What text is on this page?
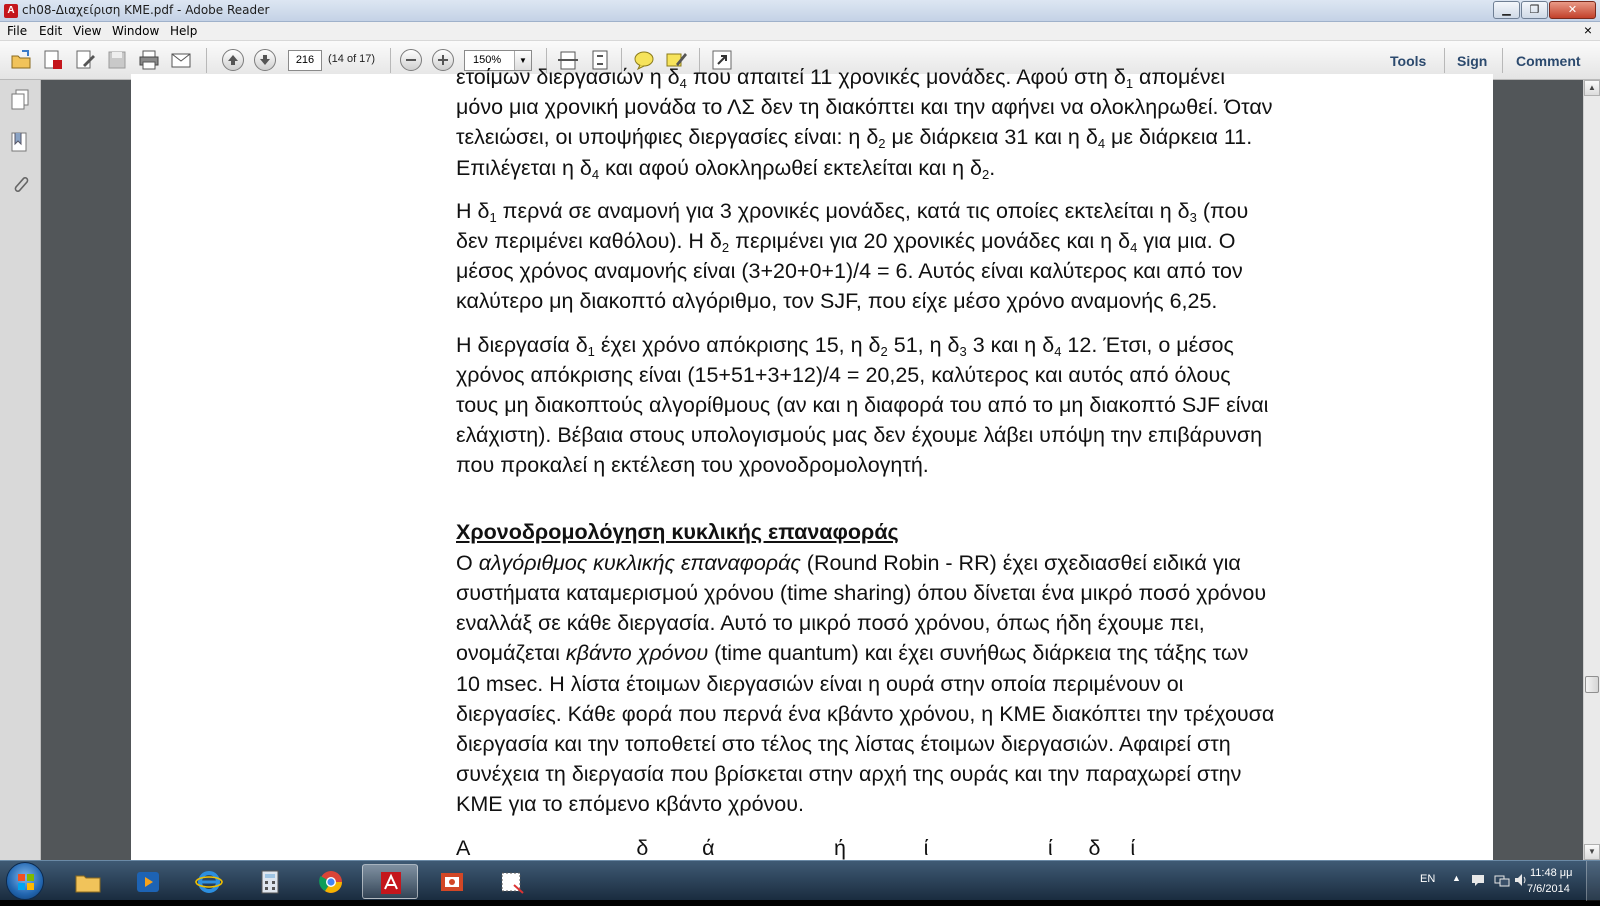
A ch08-Διαχείριση ΚΜΕ.pdf - Adobe Reader	▁	❐	✕
File Edit View Window Help	×
216	(14 of 17)	150%	▼	Tools Sign Comment

ετοίμων διεργασιών η $\delta_4$ που απαιτεί 11 χρονικές μονάδες. Αφού στη $\delta_1$ απομένει
μόνο μια χρονική μονάδα το ΛΣ δεν τη διακόπτει και την αφήνει να ολοκληρωθεί. Όταν
τελειώσει, οι υποψήφιες διεργασίες είναι: η $\delta_2$ με διάρκεια 31 και η $\delta_4$ με διάρκεια 11.
Επιλέγεται η $\delta_4$ και αφού ολοκληρωθεί εκτελείται και η $\delta_2$.

Η $\delta_1$ περνά σε αναμονή για 3 χρονικές μονάδες, κατά τις οποίες εκτελείται η $\delta_3$ (που
δεν περιμένει καθόλου). Η $\delta_2$ περιμένει για 20 χρονικές μονάδες και η $\delta_4$ για μια. Ο
μέσος χρόνος αναμονής είναι (3+20+0+1)/4 = 6. Αυτός είναι καλύτερος και από τον
καλύτερο μη διακοπτό αλγόριθμο, τον SJF, που είχε μέσο χρόνο αναμονής 6,25.

Η διεργασία $\delta_1$ έχει χρόνο απόκρισης 15, η $\delta_2$ 51, η $\delta_3$ 3 και η $\delta_4$ 12. Έτσι, ο μέσος
χρόνος απόκρισης είναι (15+51+3+12)/4 = 20,25, καλύτερος και αυτός από όλους
τους μη διακοπτούς αλγορίθμους (αν και η διαφορά του από το μη διακοπτό SJF είναι
ελάχιστη). Βέβαια στους υπολογισμούς μας δεν έχουμε λάβει υπόψη την επιβάρυνση
που προκαλεί η εκτέλεση του χρονοδρομολογητή.

Χρονοδρομολόγηση κυκλικής επαναφοράς

Ο αλγόριθμος κυκλικής επαναφοράς (Round Robin - RR) έχει σχεδιασθεί ειδικά για
συστήματα καταμερισμού χρόνου (time sharing) όπου δίνεται ένα μικρό ποσό χρόνου
εναλλάξ σε κάθε διεργασία. Αυτό το μικρό ποσό χρόνου, όπως ήδη έχουμε πει,
ονομάζεται κβάντο χρόνου (time quantum) και έχει συνήθως διάρκεια της τάξης των
10 msec. Η λίστα έτοιμων διεργασιών είναι η ουρά στην οποία περιμένουν οι
διεργασίες. Κάθε φορά που περνά ένα κβάντο χρόνου, η ΚΜΕ διακόπτει την τρέχουσα
διεργασία και την τοποθετεί στο τέλος της λίστας έτοιμων διεργασιών. Αφαιρεί στη
συνέχεια τη διεργασία που βρίσκεται στην αρχή της ουράς και την παραχωρεί στην
ΚΜΕ για το επόμενο κβάντο χρόνου.

Α                            δ         ά                    ή             ί                    ί      δ     ί

▲
▼
EN ▲	11:48 μμ
7/6/2014
